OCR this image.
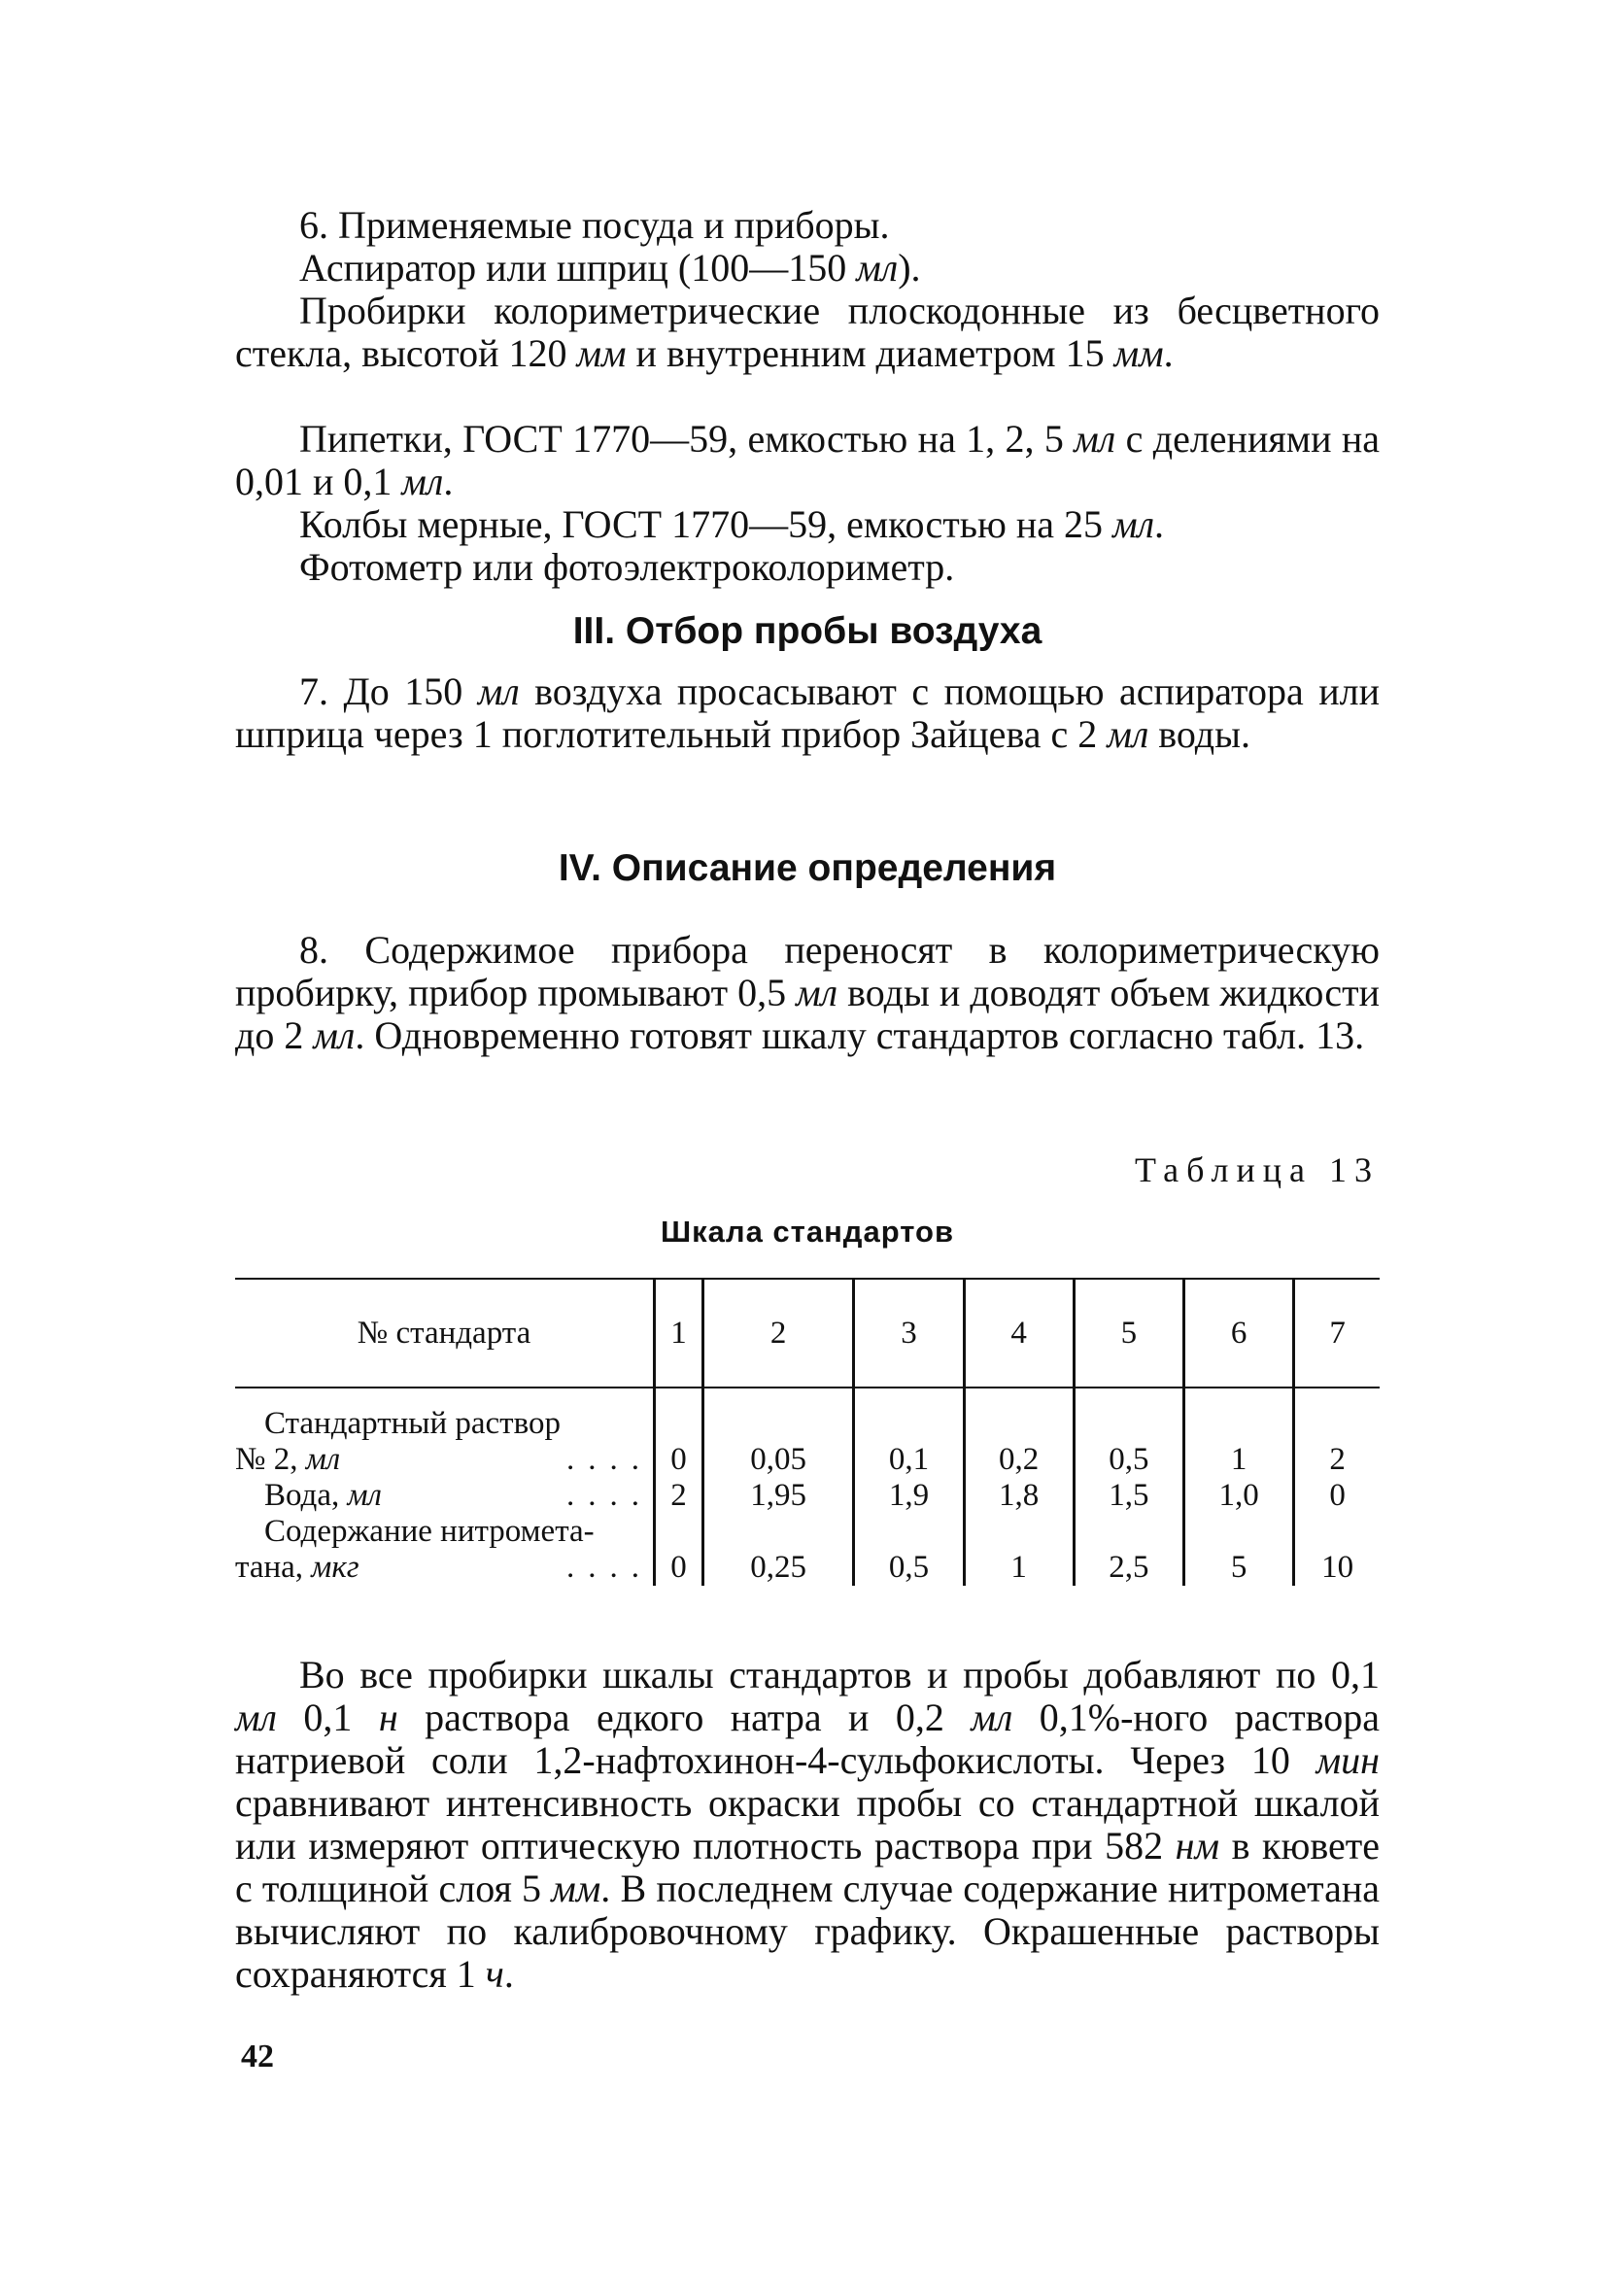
6. Применяемые посуда и приборы.
Аспиратор или шприц (100—150 мл).
Пробирки колориметрические плоскодонные из бесцветного стекла, высотой 120 мм и внутренним диаметром 15 мм.
Пипетки, ГОСТ 1770—59, емкостью на 1, 2, 5 мл с делениями на 0,01 и 0,1 мл.
Колбы мерные, ГОСТ 1770—59, емкостью на 25 мл.
Фотометр или фотоэлектроколориметр.
III. Отбор пробы воздуха
7. До 150 мл воздуха просасывают с помощью аспиратора или шприца через 1 поглотительный прибор Зайцева с 2 мл воды.
IV. Описание определения
8. Содержимое прибора переносят в колориметрическую пробирку, прибор промывают 0,5 мл воды и доводят объем жидкости до 2 мл. Одновременно готовят шкалу стандартов согласно табл. 13.
Таблица 13
Шкала стандартов
№ стандарта	1	2	3	4	5	6	7

Стандартный раствор
№ 2, мл ....	0	0,05	0,1	0,2	0,5	1	2

Вода, мл ....	2	1,95	1,9	1,8	1,5	1,0	0

Содержание нитромета-
тана, мкг ....	0	0,25	0,5	1	2,5	5	10
Во все пробирки шкалы стандартов и пробы добавляют по 0,1 мл 0,1 н раствора едкого натра и 0,2 мл 0,1%-ного раствора натриевой соли 1,2-нафтохинон-4-сульфокислоты. Через 10 мин сравнивают интенсивность окраски пробы со стандартной шкалой или измеряют оптическую плотность раствора при 582 нм в кювете с толщиной слоя 5 мм. В последнем случае содержание нитрометана вычисляют по калибровочному графику. Окрашенные растворы сохраняются 1 ч.
42
